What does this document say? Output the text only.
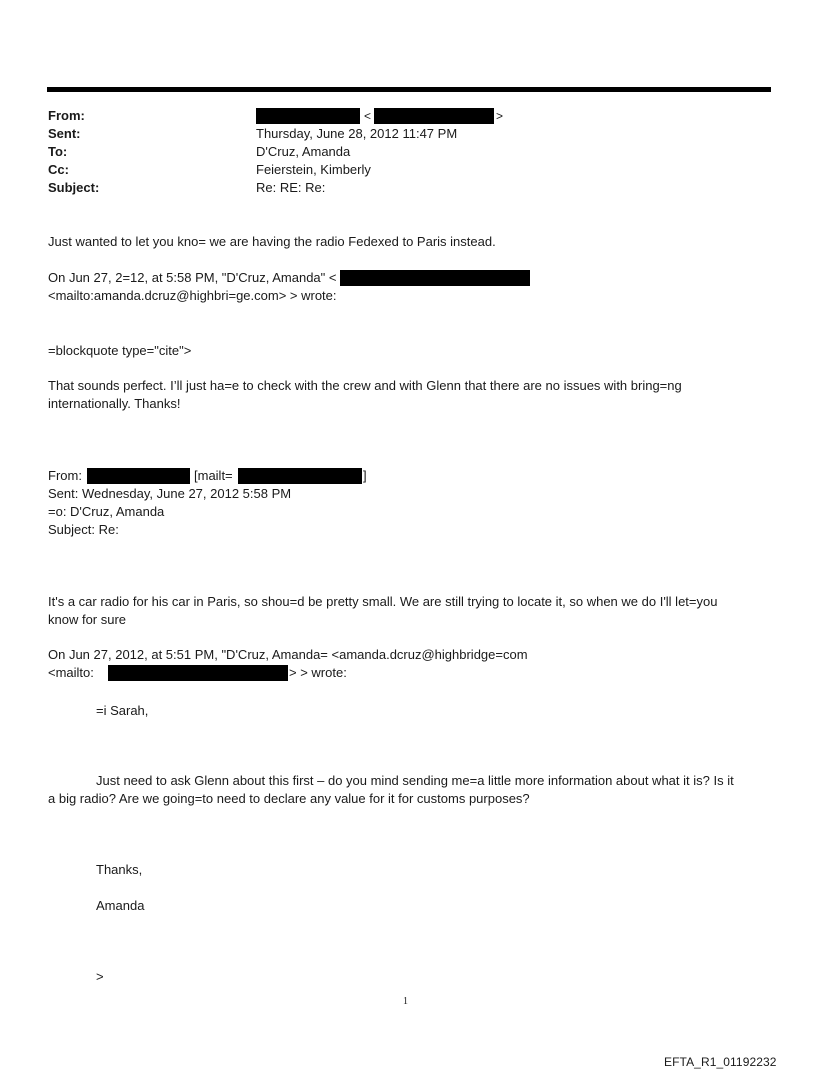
From:	<	>
Sent:	Thursday, June 28, 2012 11:47 PM
To:	D'Cruz, Amanda
Cc:	Feierstein, Kimberly
Subject:	Re: RE: Re:
Just wanted to let you kno= we are having the radio Fedexed to Paris instead.
On Jun 27, 2=12, at 5:58 PM, "D'Cruz, Amanda" <
<mailto:amanda.dcruz@highbri=ge.com> > wrote:
=blockquote type="cite">
That sounds perfect. I’ll just ha=e to check with the crew and with Glenn that there are no issues with bring=ng
internationally. Thanks!
From:	[mailt=	]
Sent: Wednesday, June 27, 2012 5:58 PM
=o: D'Cruz, Amanda
Subject: Re:
It's a car radio for his car in Paris, so shou=d be pretty small. We are still trying to locate it, so when we do I'll let=you
know for sure
On Jun 27, 2012, at 5:51 PM, "D'Cruz, Amanda= <amanda.dcruz@highbridge=com
<mailto:	> > wrote:
=i Sarah,
Just need to ask Glenn about this first – do you mind sending me=a little more information about what it is? Is it
a big radio? Are we going=to need to declare any value for it for customs purposes?
Thanks,
Amanda
>
1
EFTA_R1_01192232
